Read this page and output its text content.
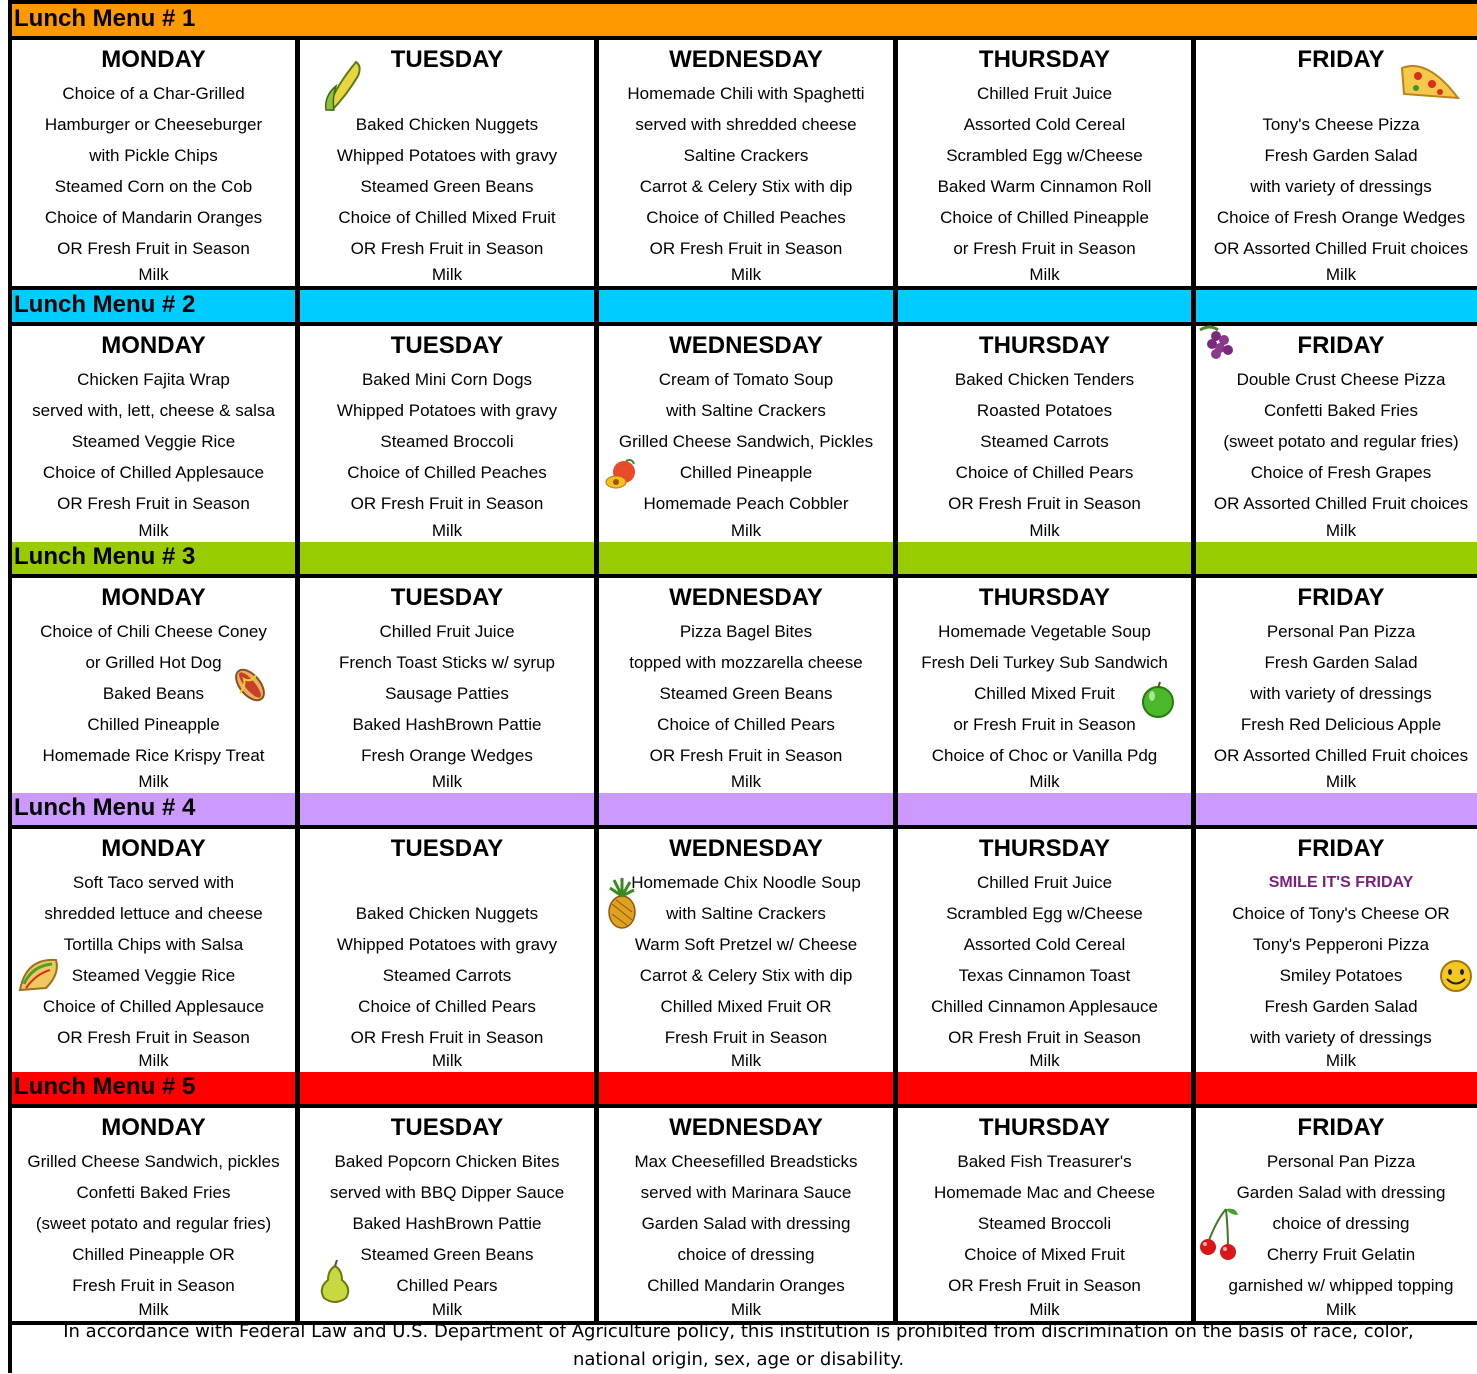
Lunch Menu # 1
MONDAY
Choice of a Char-Grilled
Hamburger or Cheeseburger
with Pickle Chips
Steamed Corn on the Cob
Choice of Mandarin Oranges
OR Fresh Fruit in Season
Milk
TUESDAY
Baked Chicken Nuggets
Whipped Potatoes with gravy
Steamed Green Beans
Choice of Chilled Mixed Fruit
OR Fresh Fruit in Season
Milk
WEDNESDAY
Homemade Chili with Spaghetti
served with shredded cheese
Saltine Crackers
Carrot & Celery Stix with dip
Choice of Chilled Peaches
OR Fresh Fruit in Season
Milk
THURSDAY
Chilled Fruit Juice
Assorted Cold Cereal
Scrambled Egg w/Cheese
Baked Warm Cinnamon Roll
Choice of Chilled Pineapple
or Fresh Fruit in Season
Milk
FRIDAY
Tony's Cheese Pizza
Fresh Garden Salad
with variety of dressings
Choice of Fresh Orange Wedges
OR Assorted Chilled Fruit choices
Milk
Lunch Menu # 2
MONDAY
Chicken Fajita Wrap
served with, lett, cheese & salsa
Steamed Veggie Rice
Choice of Chilled Applesauce
OR Fresh Fruit in Season
Milk
TUESDAY
Baked Mini Corn Dogs
Whipped Potatoes with gravy
Steamed Broccoli
Choice of Chilled Peaches
OR Fresh Fruit in Season
Milk
WEDNESDAY
Cream of Tomato Soup
with Saltine Crackers
Grilled Cheese Sandwich, Pickles
Chilled Pineapple
Homemade Peach Cobbler
Milk
THURSDAY
Baked Chicken Tenders
Roasted Potatoes
Steamed Carrots
Choice of Chilled Pears
OR Fresh Fruit in Season
Milk
FRIDAY
Double Crust Cheese Pizza
Confetti Baked Fries
(sweet potato and regular fries)
Choice of Fresh Grapes
OR Assorted Chilled Fruit choices
Milk
Lunch Menu # 3
MONDAY
Choice of Chili Cheese Coney
or Grilled Hot Dog
Baked Beans
Chilled Pineapple
Homemade Rice Krispy Treat
Milk
TUESDAY
Chilled Fruit Juice
French Toast Sticks w/ syrup
Sausage Patties
Baked HashBrown Pattie
Fresh Orange Wedges
Milk
WEDNESDAY
Pizza Bagel Bites
topped with mozzarella cheese
Steamed Green Beans
Choice of Chilled Pears
OR Fresh Fruit in Season
Milk
THURSDAY
Homemade Vegetable Soup
Fresh Deli Turkey Sub Sandwich
Chilled Mixed Fruit
or Fresh Fruit in Season
Choice of Choc or Vanilla Pdg
Milk
FRIDAY
Personal Pan Pizza
Fresh Garden Salad
with variety of dressings
Fresh Red Delicious Apple
OR Assorted Chilled Fruit choices
Milk
Lunch Menu # 4
MONDAY
Soft Taco served with
shredded lettuce and cheese
Tortilla Chips with Salsa
Steamed Veggie Rice
Choice of Chilled Applesauce
OR Fresh Fruit in Season
Milk
TUESDAY
Baked Chicken Nuggets
Whipped Potatoes with gravy
Steamed Carrots
Choice of Chilled Pears
OR Fresh Fruit in Season
Milk
WEDNESDAY
Homemade Chix Noodle Soup
with Saltine Crackers
Warm Soft Pretzel w/ Cheese
Carrot & Celery Stix with dip
Chilled Mixed Fruit OR
Fresh Fruit in Season
Milk
THURSDAY
Chilled Fruit Juice
Scrambled Egg w/Cheese
Assorted Cold Cereal
Texas Cinnamon Toast
Chilled Cinnamon Applesauce
OR Fresh Fruit in Season
Milk
FRIDAY
SMILE IT'S FRIDAY
Choice of Tony's Cheese OR
Tony's Pepperoni Pizza
Smiley Potatoes
Fresh Garden Salad
with variety of dressings
Milk
Lunch Menu # 5
MONDAY
Grilled Cheese Sandwich, pickles
Confetti Baked Fries
(sweet potato and regular fries)
Chilled Pineapple OR
Fresh Fruit in Season
Milk
TUESDAY
Baked Popcorn Chicken Bites
served with BBQ Dipper Sauce
Baked HashBrown Pattie
Steamed Green Beans
Chilled Pears
Milk
WEDNESDAY
Max Cheesefilled Breadsticks
served with Marinara Sauce
Garden Salad with dressing
choice of dressing
Chilled Mandarin Oranges
Milk
THURSDAY
Baked Fish Treasurer's
Homemade Mac and Cheese
Steamed Broccoli
Choice of Mixed Fruit
OR Fresh Fruit in Season
Milk
FRIDAY
Personal Pan Pizza
Garden Salad with dressing
choice of dressing
Cherry Fruit Gelatin
garnished w/ whipped topping
Milk
In accordance with Federal Law and U.S. Department of Agriculture policy, this institution is prohibited from discrimination on the basis of race, color,
national origin, sex, age or disability.
